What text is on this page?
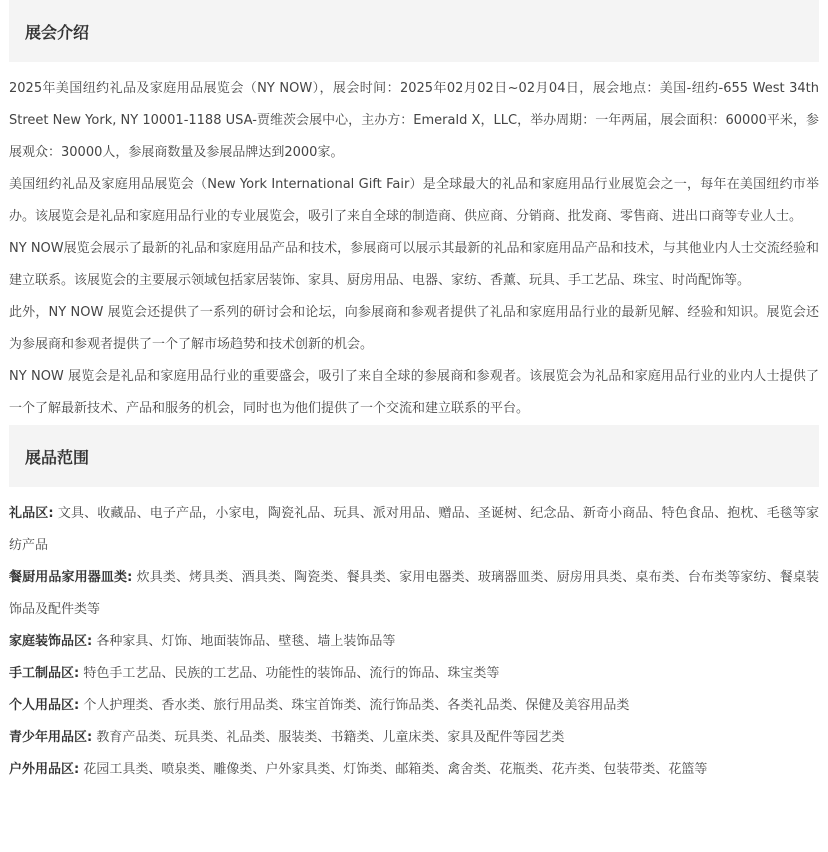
展会介绍

2025年美国纽约礼品及家庭用品展览会（NY NOW），展会时间：2025年02月02日~02月04日，展会地点：美国-纽约-655 West 34th Street New York, NY 10001-1188 USA-贾维茨会展中心，主办方：Emerald X，LLC，举办周期：一年两届，展会面积：60000平米，参展观众：30000人，参展商数量及参展品牌达到2000家。

美国纽约礼品及家庭用品展览会（New York International Gift Fair）是全球最大的礼品和家庭用品行业展览会之一，每年在美国纽约市举办。该展览会是礼品和家庭用品行业的专业展览会，吸引了来自全球的制造商、供应商、分销商、批发商、零售商、进出口商等专业人士。

NY NOW展览会展示了最新的礼品和家庭用品产品和技术，参展商可以展示其最新的礼品和家庭用品产品和技术，与其他业内人士交流经验和建立联系。该展览会的主要展示领域包括家居装饰、家具、厨房用品、电器、家纺、香薰、玩具、手工艺品、珠宝、时尚配饰等。

此外，NY NOW 展览会还提供了一系列的研讨会和论坛，向参展商和参观者提供了礼品和家庭用品行业的最新见解、经验和知识。展览会还为参展商和参观者提供了一个了解市场趋势和技术创新的机会。

NY NOW 展览会是礼品和家庭用品行业的重要盛会，吸引了来自全球的参展商和参观者。该展览会为礼品和家庭用品行业的业内人士提供了一个了解最新技术、产品和服务的机会，同时也为他们提供了一个交流和建立联系的平台。

展品范围

礼品区: 文具、收藏品、电子产品，小家电，陶瓷礼品、玩具、派对用品、赠品、圣诞树、纪念品、新奇小商品、特色食品、抱枕、毛毯等家纺产品

餐厨用品家用器皿类: 炊具类、烤具类、酒具类、陶瓷类、餐具类、家用电器类、玻璃器皿类、厨房用具类、桌布类、台布类等家纺、餐桌装饰品及配件类等

家庭装饰品区: 各种家具、灯饰、地面装饰品、壁毯、墙上装饰品等

手工制品区: 特色手工艺品、民族的工艺品、功能性的装饰品、流行的饰品、珠宝类等

个人用品区: 个人护理类、香水类、旅行用品类、珠宝首饰类、流行饰品类、各类礼品类、保健及美容用品类

青少年用品区: 教育产品类、玩具类、礼品类、服装类、书籍类、儿童床类、家具及配件等园艺类

户外用品区: 花园工具类、喷泉类、雕像类、户外家具类、灯饰类、邮箱类、禽舍类、花瓶类、花卉类、包装带类、花篮等
